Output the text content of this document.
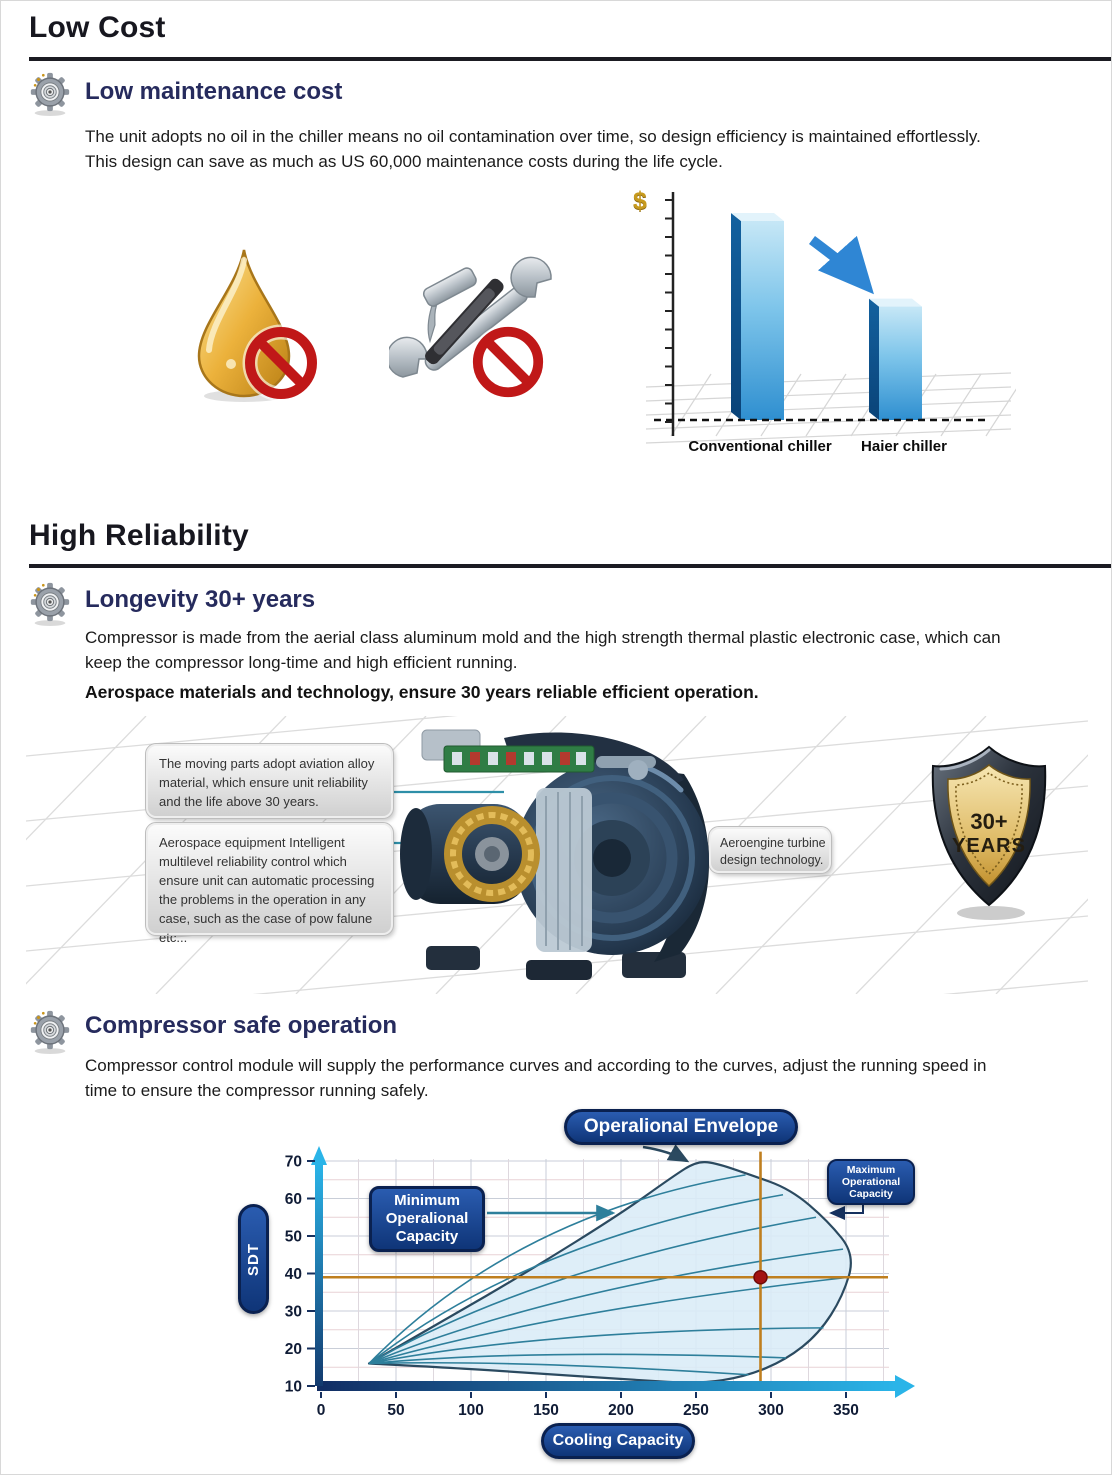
Low Cost
Low maintenance cost
The unit adopts no oil in the chiller means no oil contamination over time, so design efficiency is maintained effortlessly.
This design can save as much as US 60,000 maintenance costs during the life cycle.
$
Conventional chiller	Haier chiller
High Reliability
Longevity 30+ years
Compressor is made from the aerial class aluminum mold and the high strength thermal plastic electronic case, which can
keep the compressor long-time and high efficient running.
Aerospace materials and technology, ensure 30 years reliable efficient operation.
The moving parts adopt aviation alloy material, which ensure unit reliability and the life above 30 years.
Aerospace equipment Intelligent multilevel reliability control which ensure unit can automatic processing the problems in the operation in any case, such as the case of pow falune etc...
Aeroengine turbine
design technology.
30+
YEARS
Compressor safe operation
Compressor control module will supply the performance curves and according to the curves, adjust the running speed in
time to ensure the compressor running safely.
10
20
30
40
50
60
70
0	50	100	150	200	250	300	350
Operalional Envelope
Minimum
Operalional
Capacity
Maximum
Operational
Capacity
SDT
Cooling Capacity
